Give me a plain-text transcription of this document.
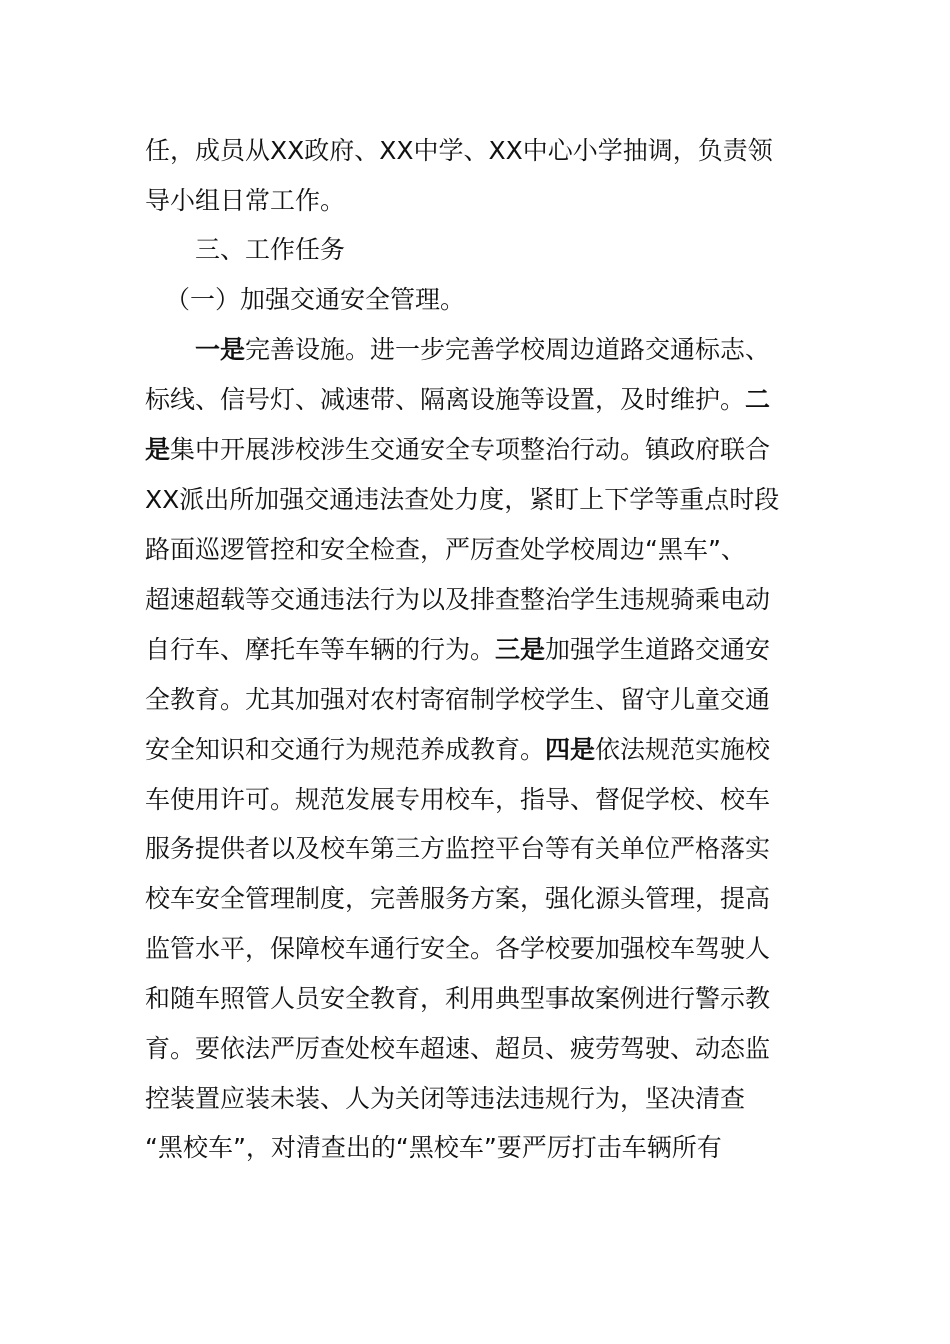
任，成员从XX政府、XX中学、XX中心小学抽调，负责领
导小组日常工作。
三、工作任务
（一）加强交通安全管理。
一是完善设施。进一步完善学校周边道路交通标志、
标线、信号灯、减速带、隔离设施等设置，及时维护。二
是集中开展涉校涉生交通安全专项整治行动。镇政府联合
XX派出所加强交通违法查处力度，紧盯上下学等重点时段
路面巡逻管控和安全检查，严厉查处学校周边“黑车”、
超速超载等交通违法行为以及排查整治学生违规骑乘电动
自行车、摩托车等车辆的行为。三是加强学生道路交通安
全教育。尤其加强对农村寄宿制学校学生、留守儿童交通
安全知识和交通行为规范养成教育。四是依法规范实施校
车使用许可。规范发展专用校车，指导、督促学校、校车
服务提供者以及校车第三方监控平台等有关单位严格落实
校车安全管理制度，完善服务方案，强化源头管理，提高
监管水平，保障校车通行安全。各学校要加强校车驾驶人
和随车照管人员安全教育，利用典型事故案例进行警示教
育。要依法严厉查处校车超速、超员、疲劳驾驶、动态监
控装置应装未装、人为关闭等违法违规行为，坚决清查
“黑校车”，对清查出的“黑校车”要严厉打击车辆所有
